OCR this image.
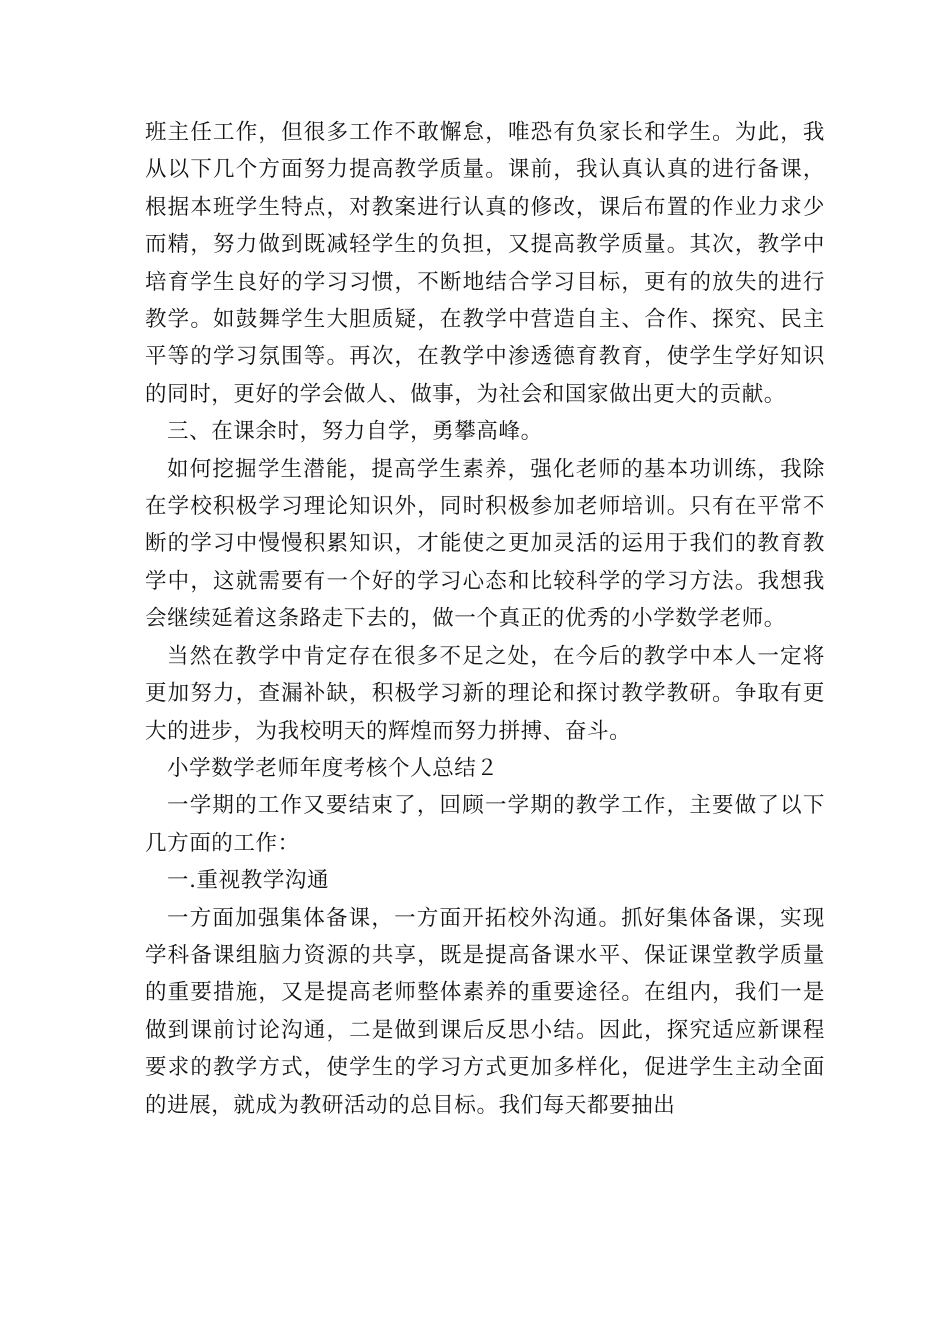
班主任工作，但很多工作不敢懈怠，唯恐有负家长和学生。为此，我从以下几个方面努力提高教学质量。课前，我认真认真的进行备课，根据本班学生特点，对教案进行认真的修改，课后布置的作业力求少而精，努力做到既减轻学生的负担，又提高教学质量。其次，教学中培育学生良好的学习习惯，不断地结合学习目标，更有的放失的进行教学。如鼓舞学生大胆质疑，在教学中营造自主、合作、探究、民主平等的学习氛围等。再次，在教学中渗透德育教育，使学生学好知识的同时，更好的学会做人、做事，为社会和国家做出更大的贡献。

三、在课余时，努力自学，勇攀高峰。

如何挖掘学生潜能，提高学生素养，强化老师的基本功训练，我除在学校积极学习理论知识外，同时积极参加老师培训。只有在平常不断的学习中慢慢积累知识，才能使之更加灵活的运用于我们的教育教学中，这就需要有一个好的学习心态和比较科学的学习方法。我想我会继续延着这条路走下去的，做一个真正的优秀的小学数学老师。

当然在教学中肯定存在很多不足之处，在今后的教学中本人一定将更加努力，查漏补缺，积极学习新的理论和探讨教学教研。争取有更大的进步，为我校明天的辉煌而努力拼搏、奋斗。

小学数学老师年度考核个人总结２

一学期的工作又要结束了，回顾一学期的教学工作，主要做了以下几方面的工作：

一.重视教学沟通

一方面加强集体备课，一方面开拓校外沟通。抓好集体备课，实现学科备课组脑力资源的共享，既是提高备课水平、保证课堂教学质量的重要措施，又是提高老师整体素养的重要途径。在组内，我们一是做到课前讨论沟通，二是做到课后反思小结。因此，探究适应新课程要求的教学方式，使学生的学习方式更加多样化，促进学生主动全面的进展，就成为教研活动的总目标。我们每天都要抽出
